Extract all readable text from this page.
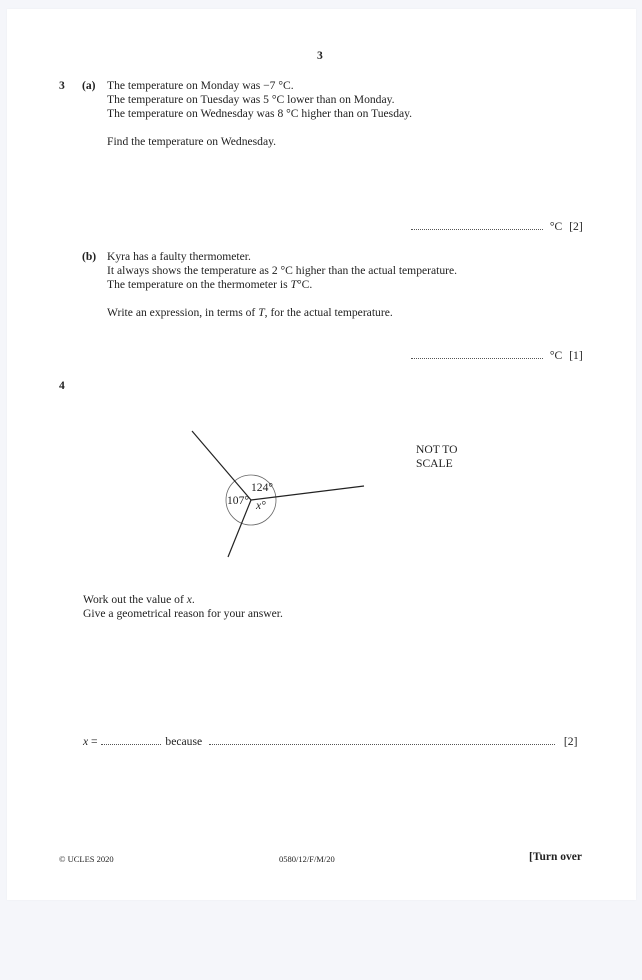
3
3 (a) The temperature on Monday was −7 °C.
The temperature on Tuesday was 5 °C lower than on Monday.
The temperature on Wednesday was 8 °C higher than on Tuesday.
Find the temperature on Wednesday.
°C [2]
(b) Kyra has a faulty thermometer.
It always shows the temperature as 2 °C higher than the actual temperature.
The temperature on the thermometer is T°C.
Write an expression, in terms of T, for the actual temperature.
°C [1]
4
124°
107° x°
NOT TO
SCALE
Work out the value of x.
Give a geometrical reason for your answer.
x =	because	[2]
© UCLES 2020	0580/12/F/M/20	[Turn over
